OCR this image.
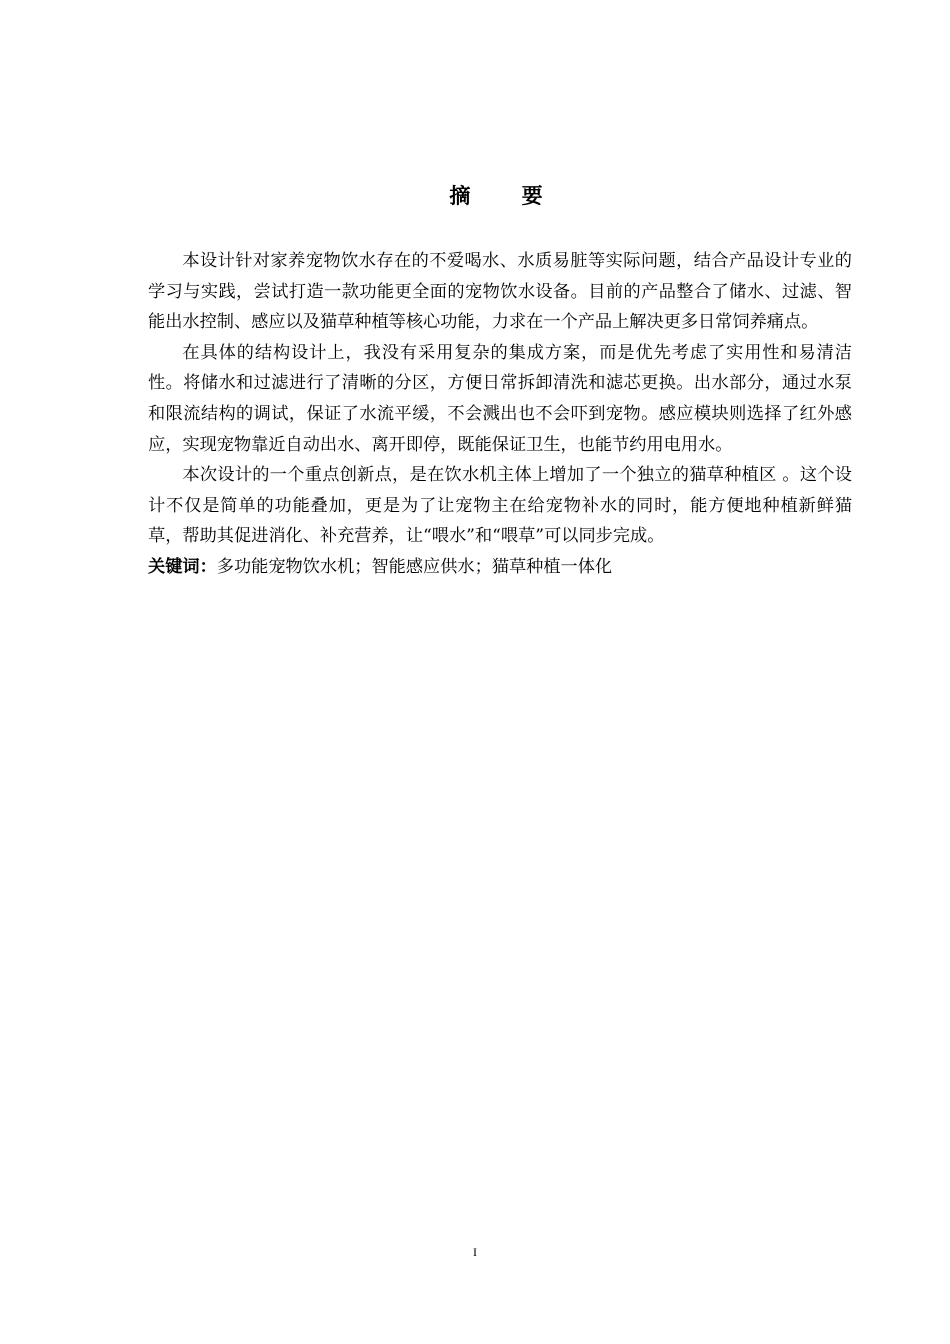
摘 要

本设计针对家养宠物饮水存在的不爱喝水、水质易脏等实际问题，结合产品设计专业的学习与实践，尝试打造一款功能更全面的宠物饮水设备。目前的产品整合了储水、过滤、智能出水控制、感应以及猫草种植等核心功能，力求在一个产品上解决更多日常饲养痛点。

在具体的结构设计上，我没有采用复杂的集成方案，而是优先考虑了实用性和易清洁性。将储水和过滤进行了清晰的分区，方便日常拆卸清洗和滤芯更换。出水部分，通过水泵和限流结构的调试，保证了水流平缓，不会溅出也不会吓到宠物。感应模块则选择了红外感应，实现宠物靠近自动出水、离开即停，既能保证卫生，也能节约用电用水。

本次设计的一个重点创新点，是在饮水机主体上增加了一个独立的猫草种植区 。这个设计不仅是简单的功能叠加，更是为了让宠物主在给宠物补水的同时，能方便地种植新鲜猫草，帮助其促进消化、补充营养，让“喂水”和“喂草”可以同步完成。

关键词：多功能宠物饮水机；智能感应供水；猫草种植一体化

I
